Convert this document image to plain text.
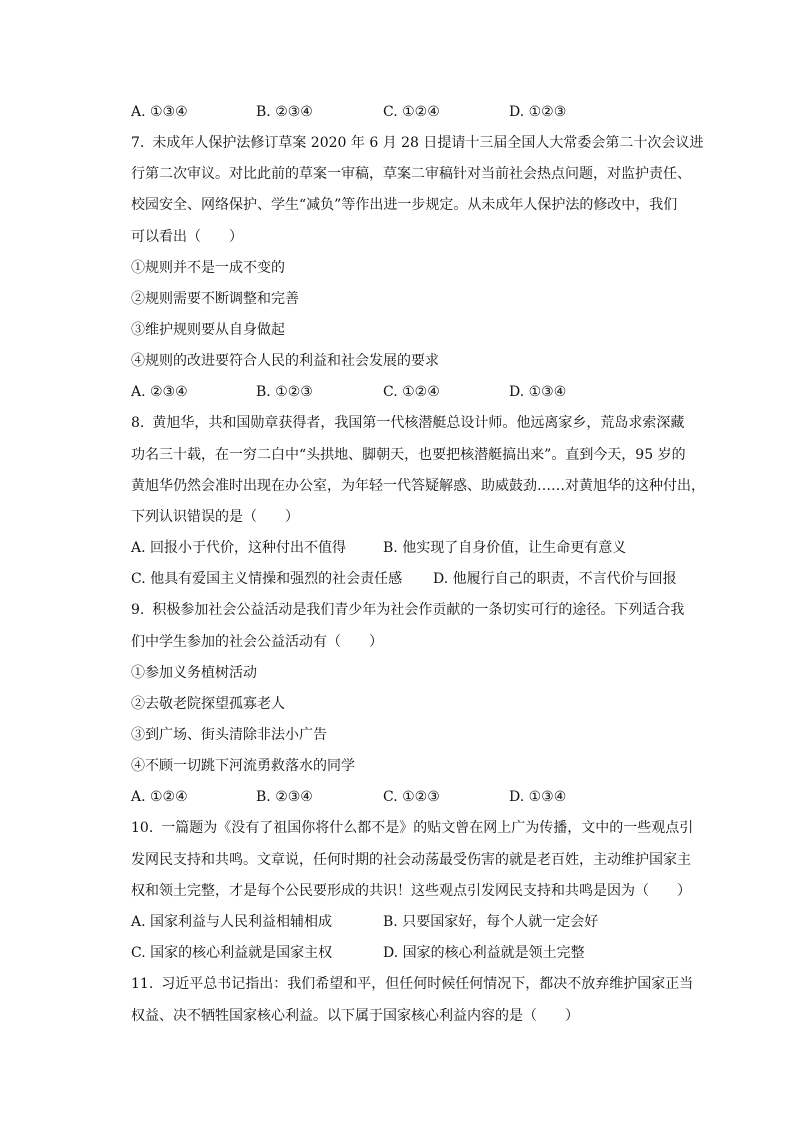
A. ①③④	B. ②③④	C. ①②④	D. ①②③
7. 未成年人保护法修订草案 2020 年 6 月 28 日提请十三届全国人大常委会第二十次会议进
行第二次审议。对比此前的草案一审稿，草案二审稿针对当前社会热点问题，对监护责任、
校园安全、网络保护、学生“减负”等作出进一步规定。从未成年人保护法的修改中，我们
可以看出（　　）
①规则并不是一成不变的
②规则需要不断调整和完善
③维护规则要从自身做起
④规则的改进要符合人民的利益和社会发展的要求
A. ②③④	B. ①②③	C. ①②④	D. ①③④
8. 黄旭华，共和国勋章获得者，我国第一代核潜艇总设计师。他远离家乡，荒岛求索深藏
功名三十载，在一穷二白中“头拱地、脚朝天，也要把核潜艇搞出来”。直到今天，95 岁的
黄旭华仍然会准时出现在办公室，为年轻一代答疑解惑、助威鼓劲……对黄旭华的这种付出，
下列认识错误的是（　　）
A. 回报小于代价，这种付出不值得	B. 他实现了自身价值，让生命更有意义
C. 他具有爱国主义情操和强烈的社会责任感 D. 他履行自己的职责，不言代价与回报
9. 积极参加社会公益活动是我们青少年为社会作贡献的一条切实可行的途径。下列适合我
们中学生参加的社会公益活动有（　　）
①参加义务植树活动
②去敬老院探望孤寡老人
③到广场、街头清除非法小广告
④不顾一切跳下河流勇救落水的同学
A. ①②④	B. ②③④	C. ①②③	D. ①③④
10. 一篇题为《没有了祖国你将什么都不是》的贴文曾在网上广为传播，文中的一些观点引
发网民支持和共鸣。文章说，任何时期的社会动荡最受伤害的就是老百姓，主动维护国家主
权和领土完整，才是每个公民要形成的共识！这些观点引发网民支持和共鸣是因为（　　）
A. 国家利益与人民利益相辅相成	B. 只要国家好，每个人就一定会好
C. 国家的核心利益就是国家主权	D. 国家的核心利益就是领土完整
11. 习近平总书记指出：我们希望和平，但任何时候任何情况下，都决不放弃维护国家正当
权益、决不牺牲国家核心利益。以下属于国家核心利益内容的是（　　）
